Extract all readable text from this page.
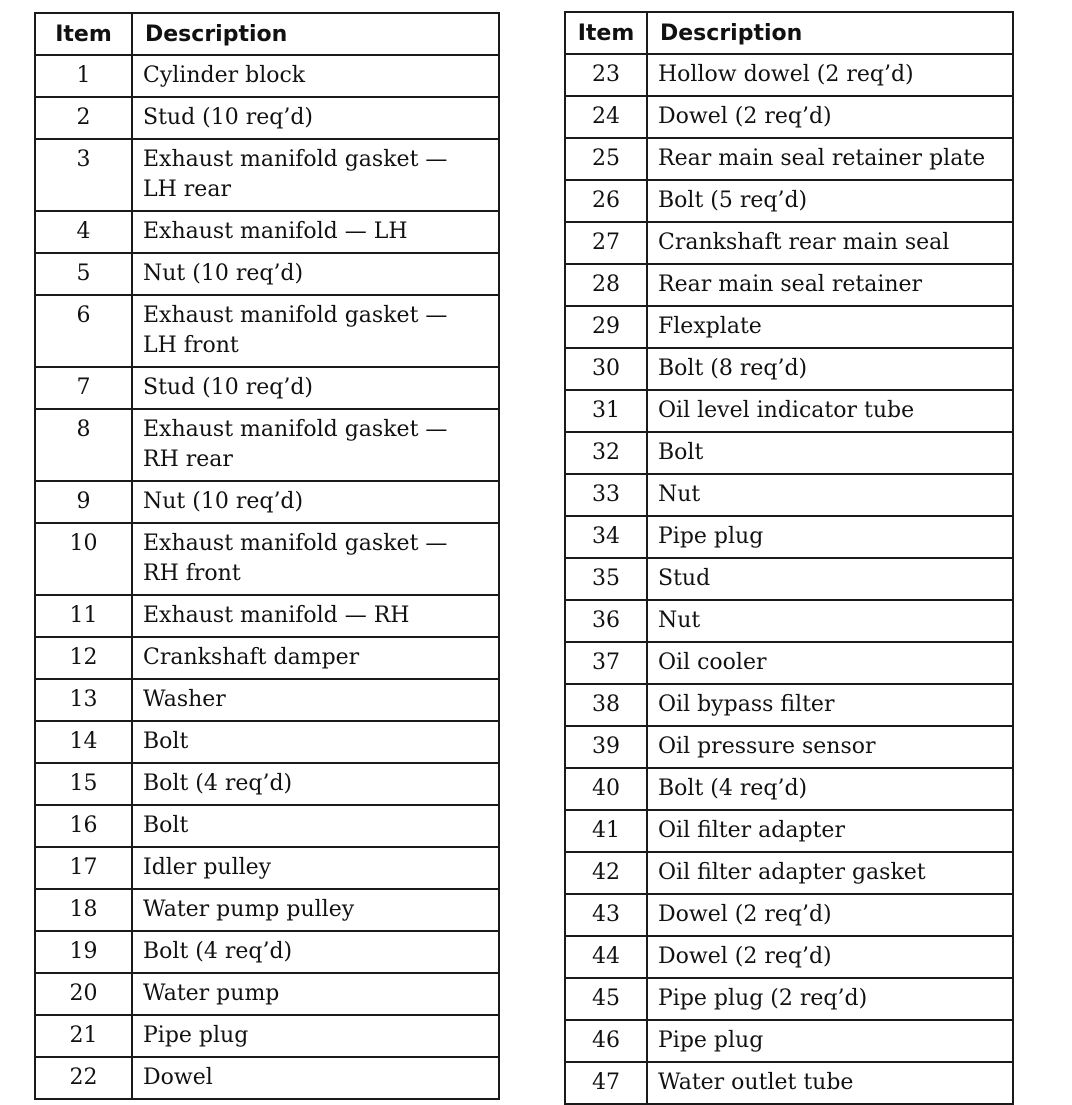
Item	Description
1	Cylinder block

2	Stud (10 req’d)

3	Exhaust manifold gasket —
LH rear

4	Exhaust manifold — LH

5	Nut (10 req’d)

6	Exhaust manifold gasket —
LH front

7	Stud (10 req’d)

8	Exhaust manifold gasket —
RH rear

9	Nut (10 req’d)

10	Exhaust manifold gasket —
RH front

11	Exhaust manifold — RH

12	Crankshaft damper

13	Washer

14	Bolt

15	Bolt (4 req’d)

16	Bolt

17	Idler pulley

18	Water pump pulley

19	Bolt (4 req’d)

20	Water pump

21	Pipe plug

22	Dowel
Item	Description
23	Hollow dowel (2 req’d)

24	Dowel (2 req’d)

25	Rear main seal retainer plate

26	Bolt (5 req’d)

27	Crankshaft rear main seal

28	Rear main seal retainer

29	Flexplate

30	Bolt (8 req’d)

31	Oil level indicator tube

32	Bolt

33	Nut

34	Pipe plug

35	Stud

36	Nut

37	Oil cooler

38	Oil bypass filter

39	Oil pressure sensor

40	Bolt (4 req’d)

41	Oil filter adapter

42	Oil filter adapter gasket

43	Dowel (2 req’d)

44	Dowel (2 req’d)

45	Pipe plug (2 req’d)

46	Pipe plug

47	Water outlet tube
